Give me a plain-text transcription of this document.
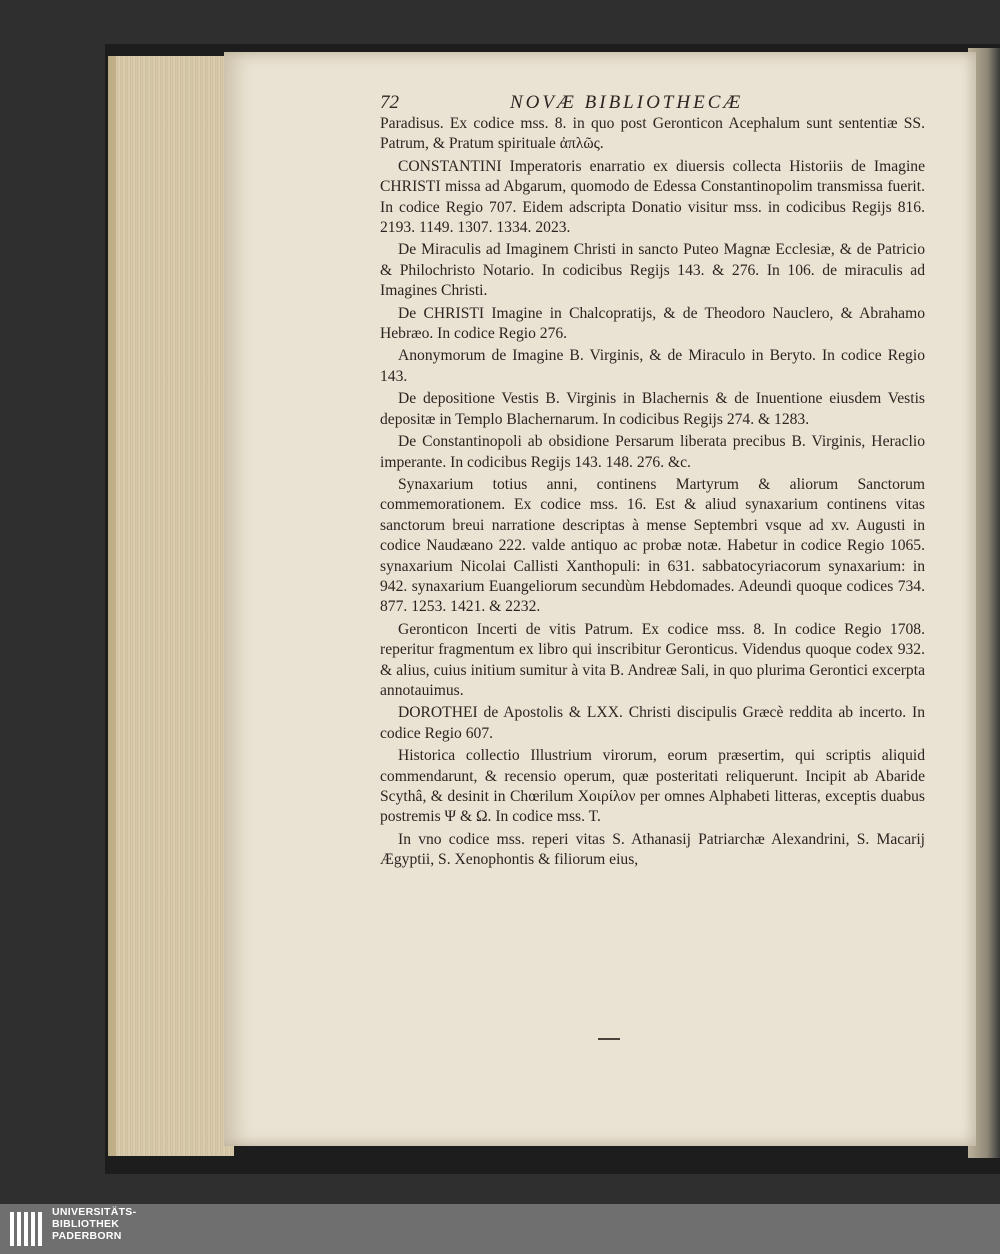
72	NOVÆ BIBLIOTHECÆ

Paradisus. Ex codice mss. 8. in quo post Geronticon Acephalum sunt sententiæ SS. Patrum, & Pratum spirituale ἀπλῶς.

CONSTANTINI Imperatoris enarratio ex diuersis collecta Historiis de Imagine CHRISTI missa ad Abgarum, quomodo de Edessa Constantinopolim transmissa fuerit. In codice Regio 707. Eidem adscripta Donatio visitur mss. in codicibus Regijs 816. 2193. 1149. 1307. 1334. 2023.

De Miraculis ad Imaginem Christi in sancto Puteo Magnæ Ecclesiæ, & de Patricio & Philochristo Notario. In codicibus Regijs 143. & 276. In 106. de miraculis ad Imagines Christi.

De CHRISTI Imagine in Chalcopratijs, & de Theodoro Nauclero, & Abrahamo Hebræo. In codice Regio 276.

Anonymorum de Imagine B. Virginis, & de Miraculo in Beryto. In codice Regio 143.

De depositione Vestis B. Virginis in Blachernis & de Inuentione eiusdem Vestis depositæ in Templo Blachernarum. In codicibus Regijs 274. & 1283.

De Constantinopoli ab obsidione Persarum liberata precibus B. Virginis, Heraclio imperante. In codicibus Regijs 143. 148. 276. &c.

Synaxarium totius anni, continens Martyrum & aliorum Sanctorum commemorationem. Ex codice mss. 16. Est & aliud synaxarium continens vitas sanctorum breui narratione descriptas à mense Septembri vsque ad xv. Augusti in codice Naudæano 222. valde antiquo ac probæ notæ. Habetur in codice Regio 1065. synaxarium Nicolai Callisti Xanthopuli: in 631. sabbatocyriacorum synaxarium: in 942. synaxarium Euangeliorum secundùm Hebdomades. Adeundi quoque codices 734. 877. 1253. 1421. & 2232.

Geronticon Incerti de vitis Patrum. Ex codice mss. 8. In codice Regio 1708. reperitur fragmentum ex libro qui inscribitur Geronticus. Videndus quoque codex 932. & alius, cuius initium sumitur à vita B. Andreæ Sali, in quo plurima Gerontici excerpta annotauimus.

DOROTHEI de Apostolis & LXX. Christi discipulis Græcè reddita ab incerto. In codice Regio 607.

Historica collectio Illustrium virorum, eorum præsertim, qui scriptis aliquid commendarunt, & recensio operum, quæ posteritati reliquerunt. Incipit ab Abaride Scythâ, & desinit in Chœrilum Χοιρίλον per omnes Alphabeti litteras, exceptis duabus postremis Ψ & Ω. In codice mss. T.

In vno codice mss. reperi vitas S. Athanasij Patriarchæ Alexandrini, S. Macarij Ægyptii, S. Xenophontis & filiorum eius,

UNIVERSITÄTS-
BIBLIOTHEK
PADERBORN
